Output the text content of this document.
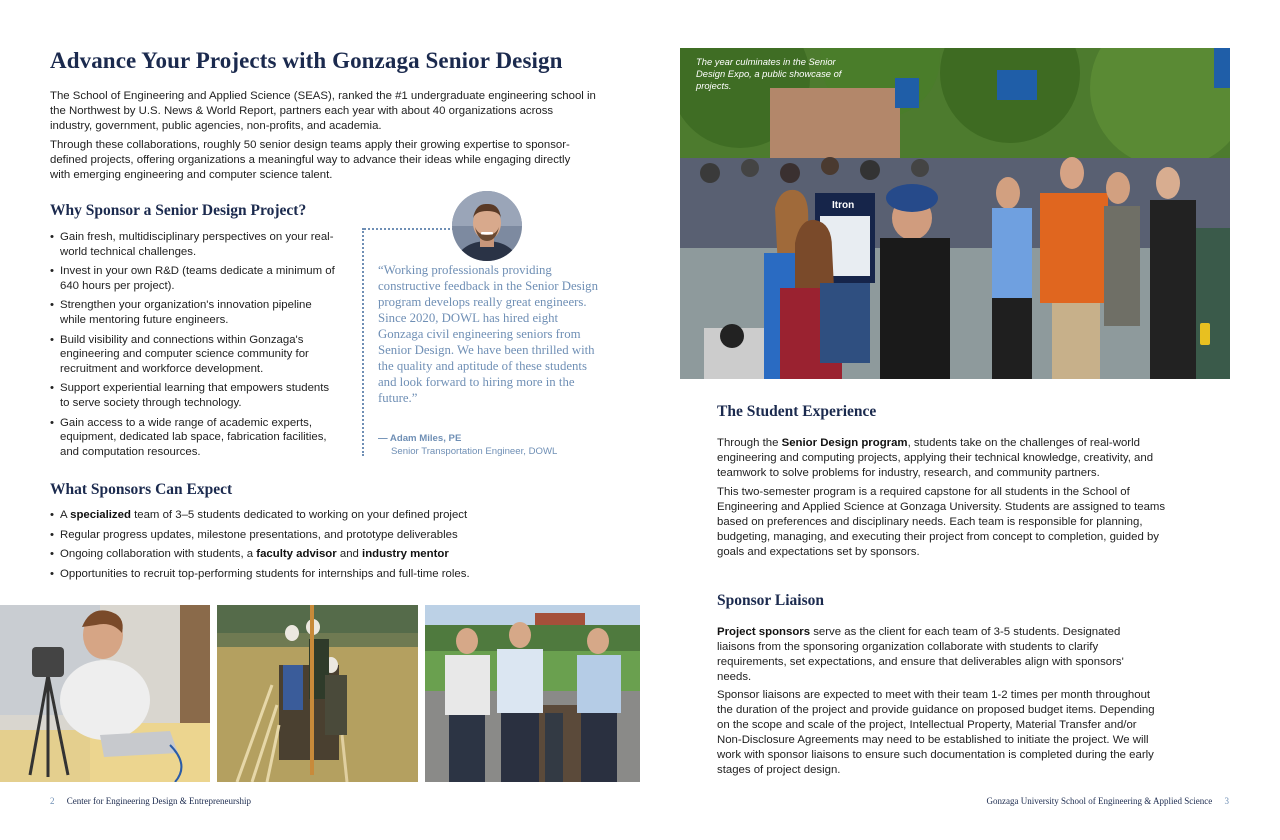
Advance Your Projects with Gonzaga Senior Design

The School of Engineering and Applied Science (SEAS), ranked the #1 undergraduate engineering school in the Northwest by U.S. News & World Report, partners each year with about 40 organizations across industry, government, public agencies, non-profits, and academia.

Through these collaborations, roughly 50 senior design teams apply their growing expertise to sponsor-defined projects, offering organizations a meaningful way to advance their ideas while engaging directly with emerging engineering and computer science talent.

Why Sponsor a Senior Design Project?
• Gain fresh, multidisciplinary perspectives on your real-world technical challenges.
• Invest in your own R&D (teams dedicate a minimum of 640 hours per project).
• Strengthen your organization's innovation pipeline while mentoring future engineers.
• Build visibility and connections within Gonzaga's engineering and computer science community for recruitment and workforce development.
• Support experiential learning that empowers students to serve society through technology.
• Gain access to a wide range of academic experts, equipment, dedicated lab space, fabrication facilities, and computation resources.

“Working professionals providing constructive feedback in the Senior Design program develops really great engineers. Since 2020, DOWL has hired eight Gonzaga civil engineering seniors from Senior Design. We have been thrilled with the quality and aptitude of these students and look forward to hiring more in the future.”

— Adam Miles, PE
Senior Transportation Engineer, DOWL
What Sponsors Can Expect
• A specialized team of 3–5 students dedicated to working on your defined project
• Regular progress updates, milestone presentations, and prototype deliverables
• Ongoing collaboration with students, a faculty advisor and industry mentor
• Opportunities to recruit top-performing students for internships and full-time roles.
2 Center for Engineering Design & Entrepreneurship
Itron

The year culminates in the Senior Design Expo, a public showcase of projects.

The Student Experience

Through the Senior Design program, students take on the challenges of real-world engineering and computing projects, applying their technical knowledge, creativity, and teamwork to solve problems for industry, research, and community partners.

This two-semester program is a required capstone for all students in the School of Engineering and Applied Science at Gonzaga University. Students are assigned to teams based on preferences and disciplinary needs. Each team is responsible for planning, budgeting, managing, and executing their project from concept to completion, guided by goals and expectations set by sponsors.

Sponsor Liaison

Project sponsors serve as the client for each team of 3-5 students. Designated liaisons from the sponsoring organization collaborate with students to clarify requirements, set expectations, and ensure that deliverables align with sponsors' needs.

Sponsor liaisons are expected to meet with their team 1-2 times per month throughout the duration of the project and provide guidance on proposed budget items. Depending on the scope and scale of the project, Intellectual Property, Material Transfer and/or Non-Disclosure Agreements may need to be established to initiate the project. We will work with sponsor liaisons to ensure such documentation is completed during the early stages of project design.

Gonzaga University School of Engineering & Applied Science 3
